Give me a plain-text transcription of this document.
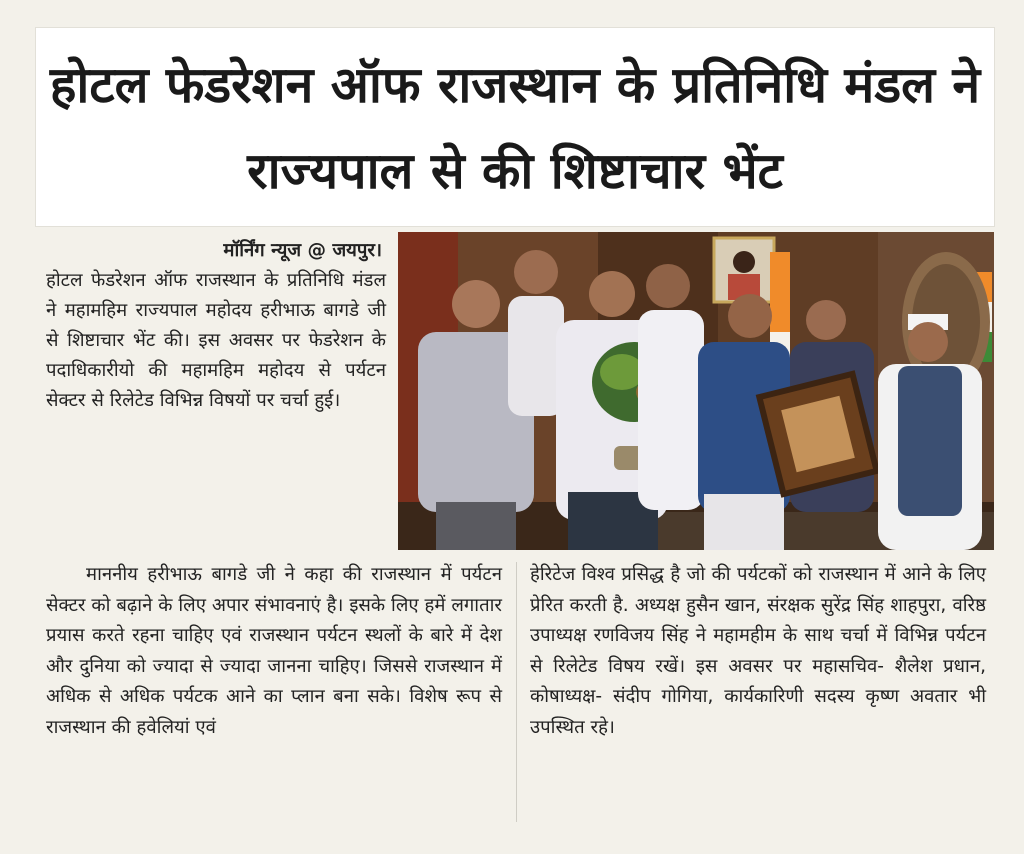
होटल फेडरेशन ऑफ राजस्थान के प्रतिनिधि मंडल ने राज्यपाल से की शिष्टाचार भेंट
मॉर्निंग न्यूज @ जयपुर।
होटल फेडरेशन ऑफ राजस्थान के प्रतिनिधि मंडल ने महामहिम राज्यपाल महोदय हरीभाऊ बागडे जी से शिष्टाचार भेंट की। इस अवसर पर फेडरेशन के पदाधिकारीयो की महामहिम महोदय से पर्यटन सेक्टर से रिलेटेड विभिन्न विषयों पर चर्चा हुई।
माननीय हरीभाऊ बागडे जी ने कहा की राजस्थान में पर्यटन सेक्टर को बढ़ाने के लिए अपार संभावनाएं है। इसके लिए हमें लगातार प्रयास करते रहना चाहिए एवं राजस्थान पर्यटन स्थलों के बारे में देश और दुनिया को ज्यादा से ज्यादा जानना चाहिए। जिससे राजस्थान में अधिक से अधिक पर्यटक आने का प्लान बना सके। विशेष रूप से राजस्थान की हवेलियां एवं
हेरिटेज विश्व प्रसिद्ध है जो की पर्यटकों को राजस्थान में आने के लिए प्रेरित करती है. अध्यक्ष हुसैन खान, संरक्षक सुरेंद्र सिंह शाहपुरा, वरिष्ठ उपाध्यक्ष रणविजय सिंह ने महामहीम के साथ चर्चा में विभिन्न पर्यटन से रिलेटेड विषय रखें। इस अवसर पर महासचिव- शैलेश प्रधान, कोषाध्यक्ष- संदीप गोगिया, कार्यकारिणी सदस्य कृष्ण अवतार भी उपस्थित रहे।
